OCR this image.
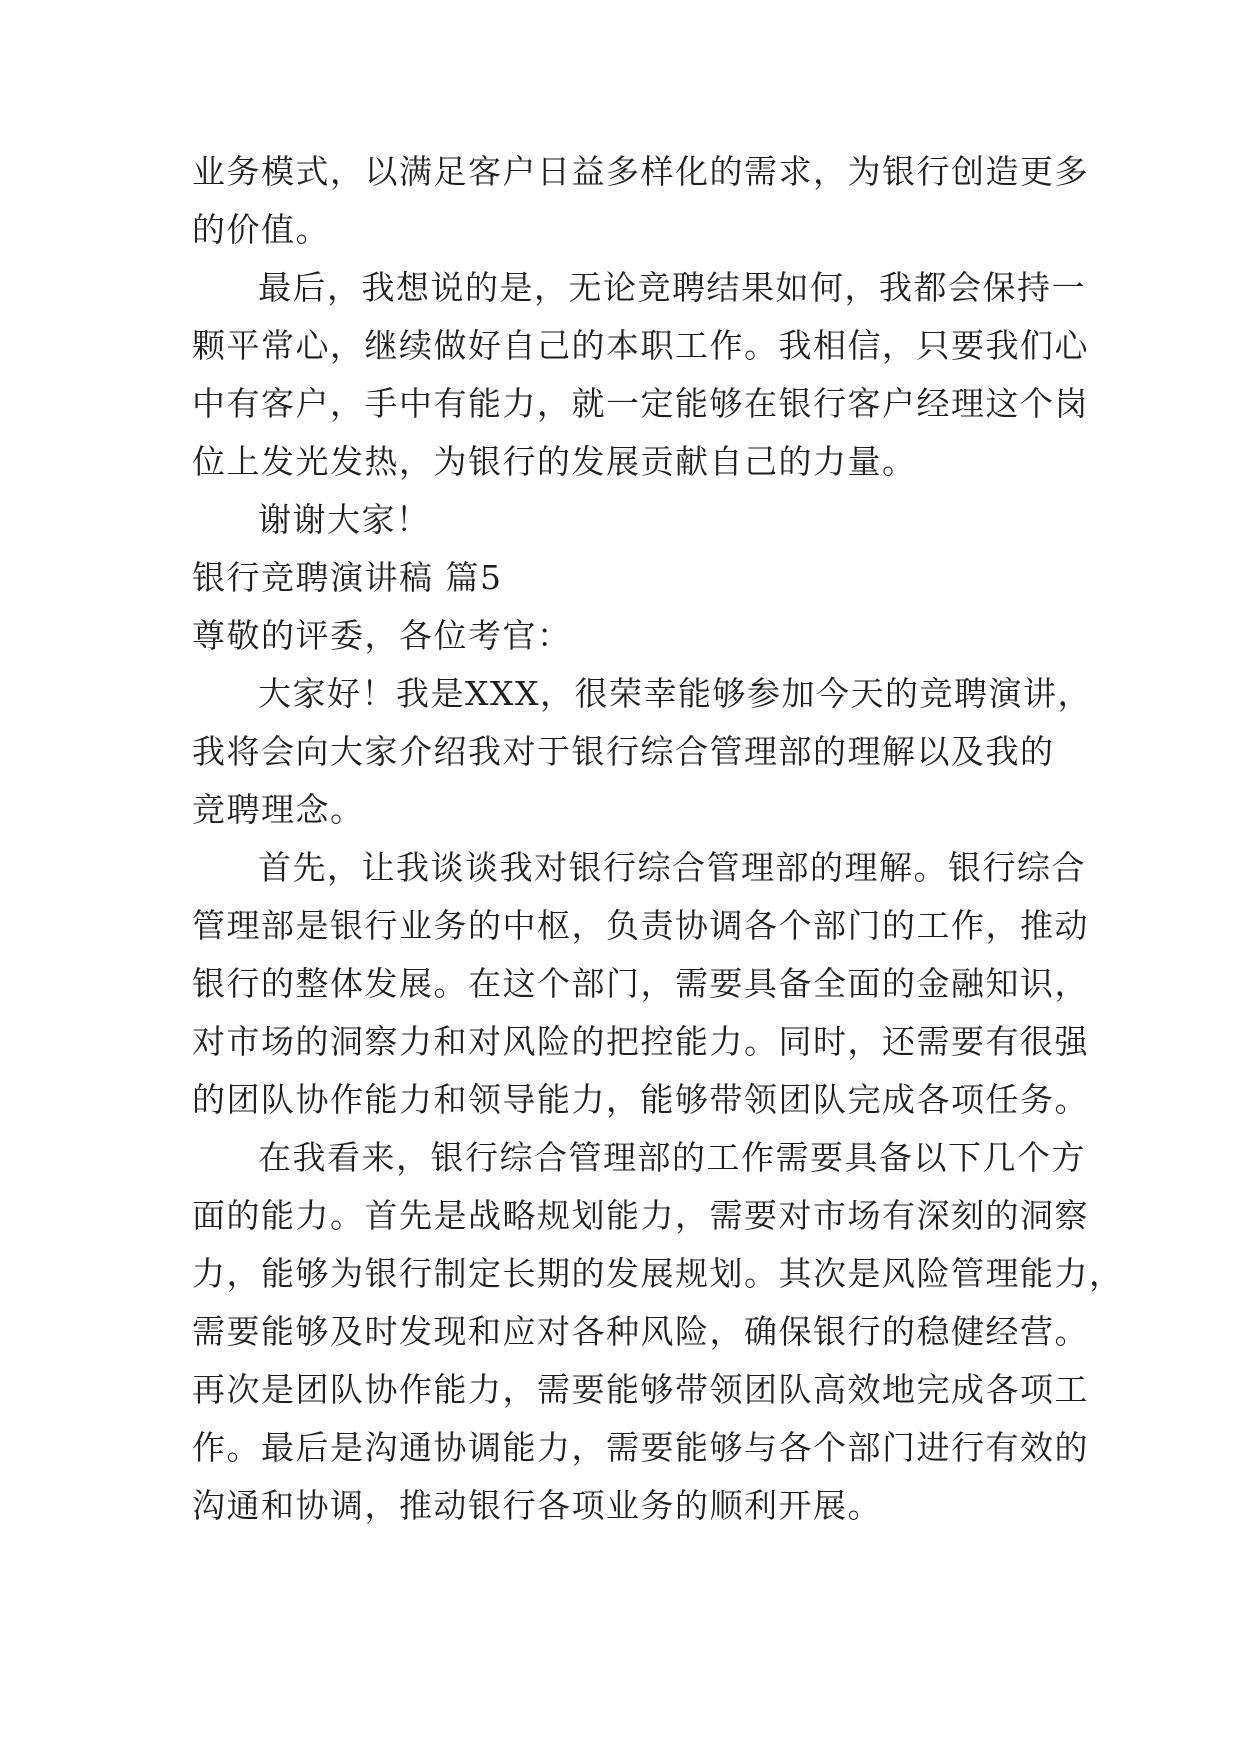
业务模式，以满足客户日益多样化的需求，为银行创造更多
的价值。
最后，我想说的是，无论竞聘结果如何，我都会保持一
颗平常心，继续做好自己的本职工作。我相信，只要我们心
中有客户，手中有能力，就一定能够在银行客户经理这个岗
位上发光发热，为银行的发展贡献自己的力量。
谢谢大家！
银行竞聘演讲稿 篇5
尊敬的评委，各位考官：
大家好！我是XXX，很荣幸能够参加今天的竞聘演讲，
我将会向大家介绍我对于银行综合管理部的理解以及我的
竞聘理念。
首先，让我谈谈我对银行综合管理部的理解。银行综合
管理部是银行业务的中枢，负责协调各个部门的工作，推动
银行的整体发展。在这个部门，需要具备全面的金融知识，
对市场的洞察力和对风险的把控能力。同时，还需要有很强
的团队协作能力和领导能力，能够带领团队完成各项任务。
在我看来，银行综合管理部的工作需要具备以下几个方
面的能力。首先是战略规划能力，需要对市场有深刻的洞察
力，能够为银行制定长期的发展规划。其次是风险管理能力，
需要能够及时发现和应对各种风险，确保银行的稳健经营。
再次是团队协作能力，需要能够带领团队高效地完成各项工
作。最后是沟通协调能力，需要能够与各个部门进行有效的
沟通和协调，推动银行各项业务的顺利开展。
